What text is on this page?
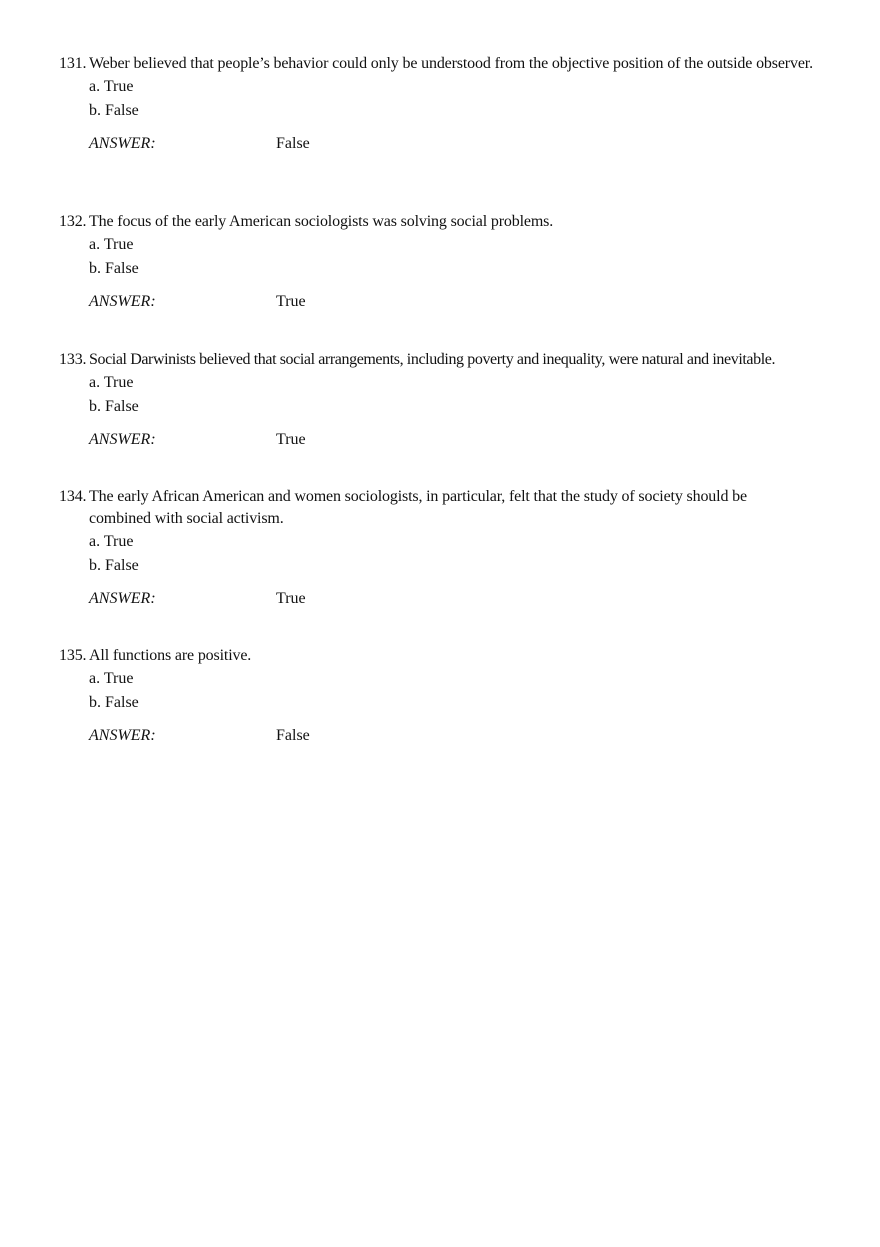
131. Weber believed that people’s behavior could only be understood from the objective position of the outside observer.
a. True
b. False
ANSWER:	False
132. The focus of the early American sociologists was solving social problems.
a. True
b. False
ANSWER:	True
133. Social Darwinists believed that social arrangements, including poverty and inequality, were natural and inevitable.
a. True
b. False
ANSWER:	True
134. The early African American and women sociologists, in particular, felt that the study of society should be combined with social activism.
a. True
b. False
ANSWER:	True
135. All functions are positive.
a. True
b. False
ANSWER:	False
